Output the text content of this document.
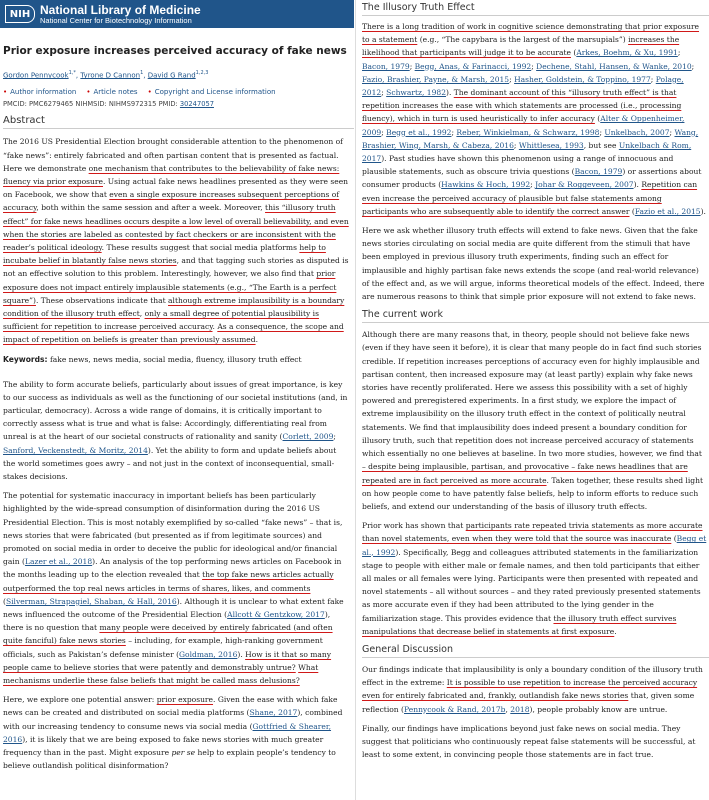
NIH National Library of Medicine
National Center for Biotechnology Information
Prior exposure increases perceived accuracy of fake news
Gordon Pennycook$^{1,*}$, Tyrone D Cannon$^1$, David G Rand$^{1,2,3}$
• Author information • Article notes • Copyright and License information
PMCID: PMC6279465 NIHMSID: NIHMS972315 PMID: 30247057
Abstract

The 2016 US Presidential Election brought considerable attention to the phenomenon of “fake news”: entirely fabricated and often partisan content that is presented as factual. Here we demonstrate one mechanism that contributes to the believability of fake news: fluency via prior exposure. Using actual fake news headlines presented as they were seen on Facebook, we show that even a single exposure increases subsequent perceptions of accuracy, both within the same session and after a week. Moreover, this “illusory truth effect” for fake news headlines occurs despite a low level of overall believability, and even when the stories are labeled as contested by fact checkers or are inconsistent with the reader’s political ideology. These results suggest that social media platforms help to incubate belief in blatantly false news stories, and that tagging such stories as disputed is not an effective solution to this problem. Interestingly, however, we also find that prior exposure does not impact entirely implausible statements (e.g., “The Earth is a perfect square”). These observations indicate that although extreme implausibility is a boundary condition of the illusory truth effect, only a small degree of potential plausibility is sufficient for repetition to increase perceived accuracy. As a consequence, the scope and impact of repetition on beliefs is greater than previously assumed.

Keywords: fake news, news media, social media, fluency, illusory truth effect

The ability to form accurate beliefs, particularly about issues of great importance, is key to our success as individuals as well as the functioning of our societal institutions (and, in particular, democracy). Across a wide range of domains, it is critically important to correctly assess what is true and what is false: Accordingly, differentiating real from unreal is at the heart of our societal constructs of rationality and sanity (Corlett, 2009; Sanford, Veckenstedt, & Moritz, 2014). Yet the ability to form and update beliefs about the world sometimes goes awry – and not just in the context of inconsequential, small-stakes decisions.

The potential for systematic inaccuracy in important beliefs has been particularly highlighted by the wide-spread consumption of disinformation during the 2016 US Presidential Election. This is most notably exemplified by so-called “fake news” – that is, news stories that were fabricated (but presented as if from legitimate sources) and promoted on social media in order to deceive the public for ideological and/or financial gain (Lazer et al., 2018). An analysis of the top performing news articles on Facebook in the months leading up to the election revealed that the top fake news articles actually outperformed the top real news articles in terms of shares, likes, and comments (Silverman, Strapagiel, Shaban, & Hall, 2016). Although it is unclear to what extent fake news influenced the outcome of the Presidential Election (Allcott & Gentzkow, 2017), there is no question that many people were deceived by entirely fabricated (and often quite fanciful) fake news stories – including, for example, high-ranking government officials, such as Pakistan’s defense minister (Goldman, 2016). How is it that so many people came to believe stories that were patently and demonstrably untrue? What mechanisms underlie these false beliefs that might be called mass delusions?

Here, we explore one potential answer: prior exposure. Given the ease with which fake news can be created and distributed on social media platforms (Shane, 2017), combined with our increasing tendency to consume news via social media (Gottfried & Shearer, 2016), it is likely that we are being exposed to fake news stories with much greater frequency than in the past. Might exposure per se help to explain people’s tendency to believe outlandish political disinformation?

The Illusory Truth Effect

There is a long tradition of work in cognitive science demonstrating that prior exposure to a statement (e.g., “The capybara is the largest of the marsupials”) increases the likelihood that participants will judge it to be accurate (Arkes, Boehm, & Xu, 1991; Bacon, 1979; Begg, Anas, & Farinacci, 1992; Dechene, Stahl, Hansen, & Wanke, 2010; Fazio, Brashier, Payne, & Marsh, 2015; Hasher, Goldstein, & Toppino, 1977; Polage, 2012; Schwartz, 1982). The dominant account of this “illusory truth effect” is that repetition increases the ease with which statements are processed (i.e., processing fluency), which in turn is used heuristically to infer accuracy (Alter & Oppenheimer, 2009; Begg et al., 1992; Reber, Winkielman, & Schwarz, 1998; Unkelbach, 2007; Wang, Brashier, Wing, Marsh, & Cabeza, 2016; Whittlesea, 1993, but see Unkelbach & Rom, 2017). Past studies have shown this phenomenon using a range of innocuous and plausible statements, such as obscure trivia questions (Bacon, 1979) or assertions about consumer products (Hawkins & Hoch, 1992; Johar & Roggeveen, 2007). Repetition can even increase the perceived accuracy of plausible but false statements among participants who are subsequently able to identify the correct answer (Fazio et al., 2015).

Here we ask whether illusory truth effects will extend to fake news. Given that the fake news stories circulating on social media are quite different from the stimuli that have been employed in previous illusory truth experiments, finding such an effect for implausible and highly partisan fake news extends the scope (and real-world relevance) of the effect and, as we will argue, informs theoretical models of the effect. Indeed, there are numerous reasons to think that simple prior exposure will not extend to fake news.

The current work

Although there are many reasons that, in theory, people should not believe fake news (even if they have seen it before), it is clear that many people do in fact find such stories credible. If repetition increases perceptions of accuracy even for highly implausible and partisan content, then increased exposure may (at least partly) explain why fake news stories have recently proliferated. Here we assess this possibility with a set of highly powered and preregistered experiments. In a first study, we explore the impact of extreme implausibility on the illusory truth effect in the context of politically neutral statements. We find that implausibility does indeed present a boundary condition for illusory truth, such that repetition does not increase perceived accuracy of statements which essentially no one believes at baseline. In two more studies, however, we find that – despite being implausible, partisan, and provocative – fake news headlines that are repeated are in fact perceived as more accurate. Taken together, these results shed light on how people come to have patently false beliefs, help to inform efforts to reduce such beliefs, and extend our understanding of the basis of illusory truth effects.

Prior work has shown that participants rate repeated trivia statements as more accurate than novel statements, even when they were told that the source was inaccurate (Begg et al., 1992). Specifically, Begg and colleagues attributed statements in the familiarization stage to people with either male or female names, and then told participants that either all males or all females were lying. Participants were then presented with repeated and novel statements – all without sources – and they rated previously presented statements as more accurate even if they had been attributed to the lying gender in the familiarization stage. This provides evidence that the illusory truth effect survives manipulations that decrease belief in statements at first exposure.

General Discussion

Our findings indicate that implausibility is only a boundary condition of the illusory truth effect in the extreme: It is possible to use repetition to increase the perceived accuracy even for entirely fabricated and, frankly, outlandish fake news stories that, given some reflection (Pennycook & Rand, 2017b, 2018), people probably know are untrue.

Finally, our findings have implications beyond just fake news on social media. They suggest that politicians who continuously repeat false statements will be successful, at least to some extent, in convincing people those statements are in fact true.
